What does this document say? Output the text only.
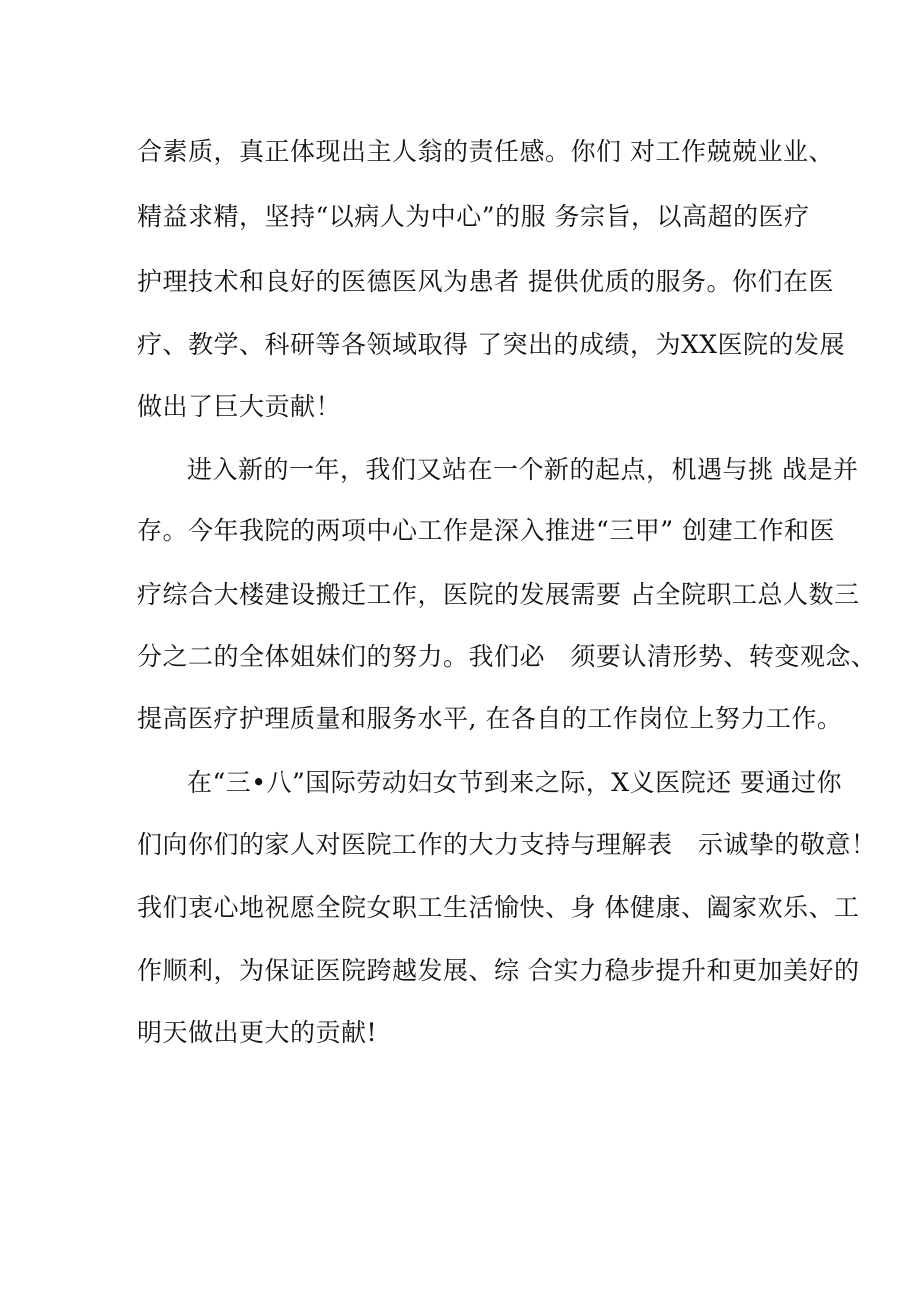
合素质，真正体现出主人翁的责任感。你们 对工作兢兢业业、
精益求精，坚持“以病人为中心”的服 务宗旨，以高超的医疗
护理技术和良好的医德医风为患者 提供优质的服务。你们在医
疗、教学、科研等各领域取得 了突出的成绩，为XX医院的发展
做出了巨大贡献！
进入新的一年，我们又站在一个新的起点，机遇与挑 战是并
存。今年我院的两项中心工作是深入推进“三甲” 创建工作和医
疗综合大楼建设搬迁工作，医院的发展需要 占全院职工总人数三
分之二的全体姐妹们的努力。我们必   须要认清形势、转变观念、
提高医疗护理质量和服务水平, 在各自的工作岗位上努力工作。
在“三•八”国际劳动妇女节到来之际，X义医院还 要通过你
们向你们的家人对医院工作的大力支持与理解表   示诚挚的敬意！
我们衷心地祝愿全院女职工生活愉快、身 体健康、阖家欢乐、工
作顺利，为保证医院跨越发展、综 合实力稳步提升和更加美好的
明天做出更大的贡献!
